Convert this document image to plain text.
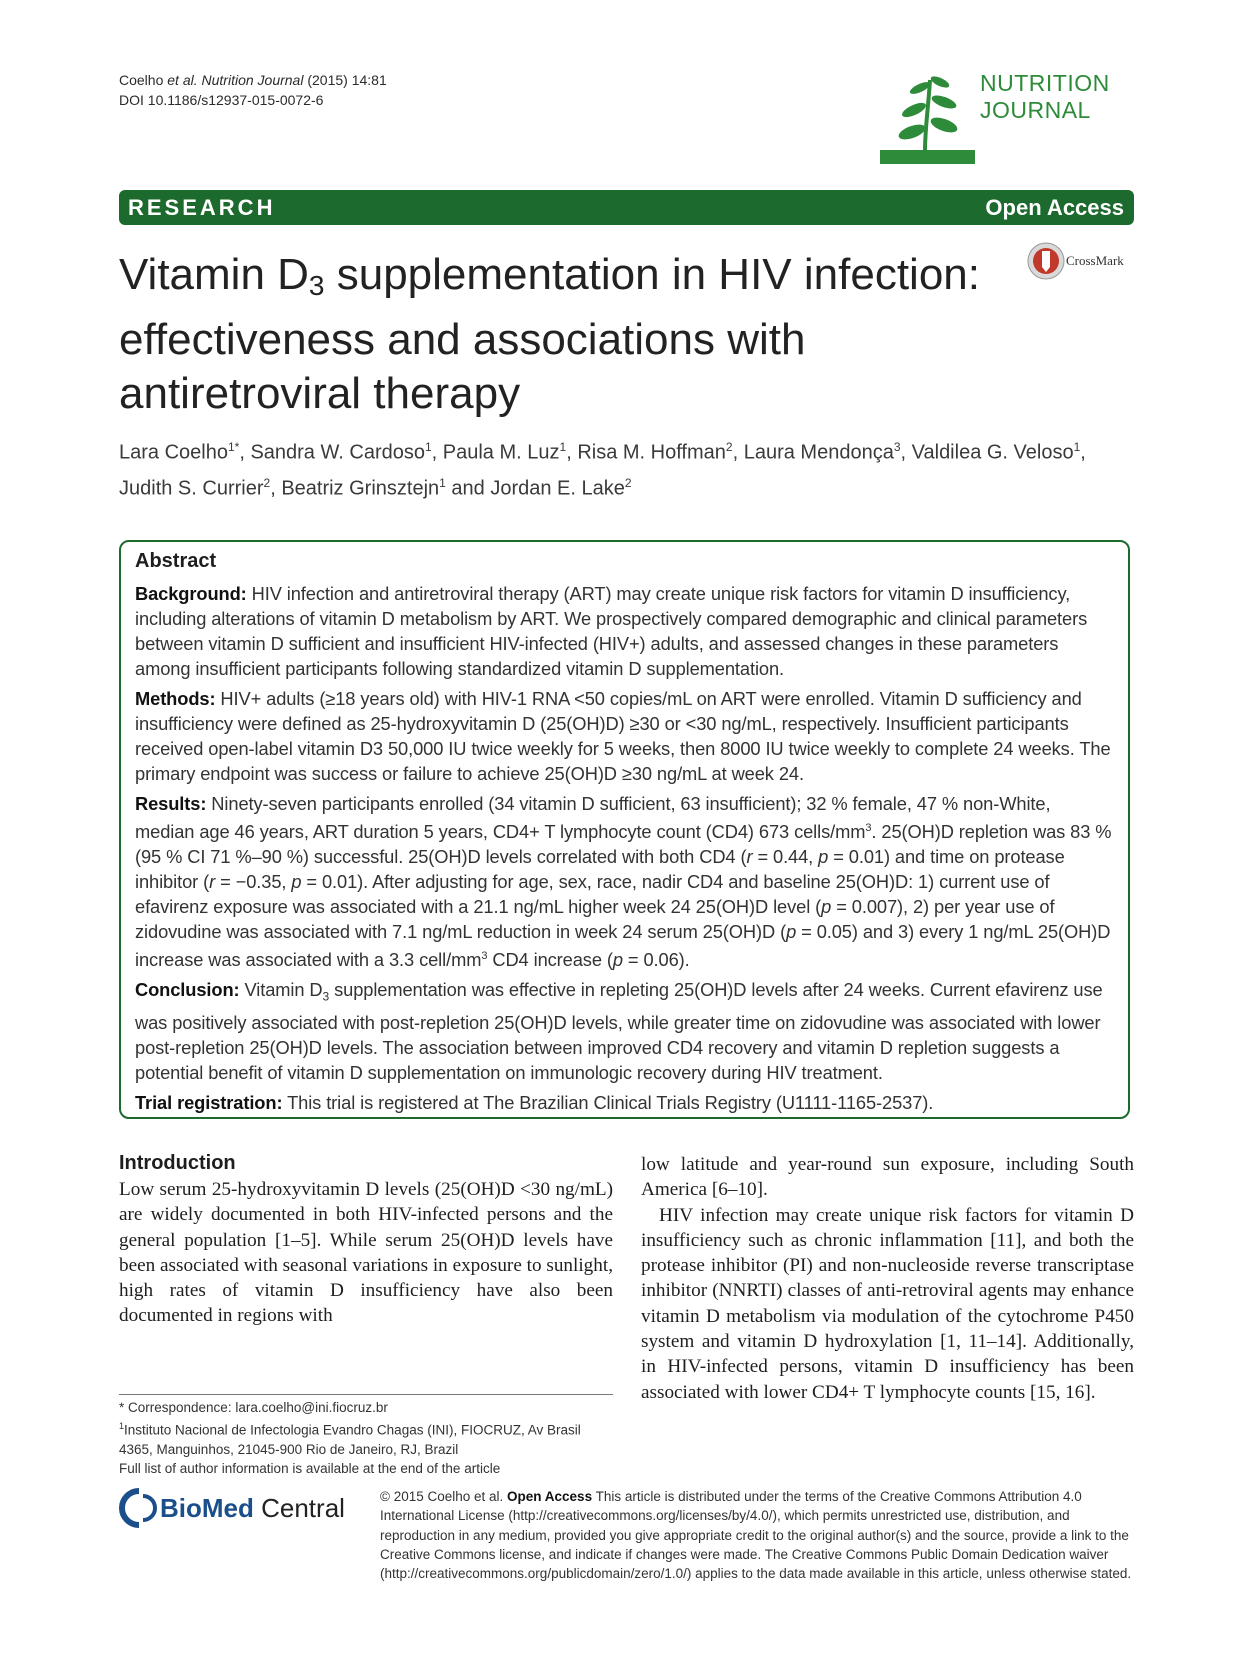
Coelho et al. Nutrition Journal (2015) 14:81
DOI 10.1186/s12937-015-0072-6
NUTRITION
JOURNAL
RESEARCH	Open Access
CrossMark
Vitamin $D_3$ supplementation in HIV infection: effectiveness and associations with antiretroviral therapy
Lara Coelho$^{1*}$, Sandra W. Cardoso$^1$, Paula M. Luz$^1$, Risa M. Hoffman$^2$, Laura Mendonça$^3$, Valdilea G. Veloso$^1$, Judith S. Currier$^2$, Beatriz Grinsztejn$^1$ and Jordan E. Lake$^2$
Abstract
Background: HIV infection and antiretroviral therapy (ART) may create unique risk factors for vitamin D insufficiency, including alterations of vitamin D metabolism by ART. We prospectively compared demographic and clinical parameters between vitamin D sufficient and insufficient HIV-infected (HIV+) adults, and assessed changes in these parameters among insufficient participants following standardized vitamin D supplementation.
Methods: HIV+ adults (≥18 years old) with HIV-1 RNA <50 copies/mL on ART were enrolled. Vitamin D sufficiency and insufficiency were defined as 25-hydroxyvitamin D (25(OH)D) ≥30 or <30 ng/mL, respectively. Insufficient participants received open-label vitamin D3 50,000 IU twice weekly for 5 weeks, then 8000 IU twice weekly to complete 24 weeks. The primary endpoint was success or failure to achieve 25(OH)D ≥30 ng/mL at week 24.
Results: Ninety-seven participants enrolled (34 vitamin D sufficient, 63 insufficient); 32 % female, 47 % non-White, median age 46 years, ART duration 5 years, CD4+ T lymphocyte count (CD4) 673 cells/$mm^3$. 25(OH)D repletion was 83 % (95 % CI 71 %–90 %) successful. 25(OH)D levels correlated with both CD4 (r = 0.44, p = 0.01) and time on protease inhibitor (r = −0.35, p = 0.01). After adjusting for age, sex, race, nadir CD4 and baseline 25(OH)D: 1) current use of efavirenz exposure was associated with a 21.1 ng/mL higher week 24 25(OH)D level (p = 0.007), 2) per year use of zidovudine was associated with 7.1 ng/mL reduction in week 24 serum 25(OH)D (p = 0.05) and 3) every 1 ng/mL 25(OH)D increase was associated with a 3.3 cell/$mm^3$ CD4 increase (p = 0.06).
Conclusion: Vitamin $D_3$ supplementation was effective in repleting 25(OH)D levels after 24 weeks. Current efavirenz use was positively associated with post-repletion 25(OH)D levels, while greater time on zidovudine was associated with lower post-repletion 25(OH)D levels. The association between improved CD4 recovery and vitamin D repletion suggests a potential benefit of vitamin D supplementation on immunologic recovery during HIV treatment.
Trial registration: This trial is registered at The Brazilian Clinical Trials Registry (U1111-1165-2537).
Introduction

Low serum 25-hydroxyvitamin D levels (25(OH)D <30 ng/mL) are widely documented in both HIV-infected persons and the general population [1–5]. While serum 25(OH)D levels have been associated with seasonal variations in exposure to sunlight, high rates of vitamin D insufficiency have also been documented in regions with

low latitude and year-round sun exposure, including South America [6–10].

HIV infection may create unique risk factors for vitamin D insufficiency such as chronic inflammation [11], and both the protease inhibitor (PI) and non-nucleoside reverse transcriptase inhibitor (NNRTI) classes of anti-retroviral agents may enhance vitamin D metabolism via modulation of the cytochrome P450 system and vitamin D hydroxylation [1, 11–14]. Additionally, in HIV-infected persons, vitamin D insufficiency has been associated with lower CD4+ T lymphocyte counts [15, 16].

* Correspondence: lara.coelho@ini.fiocruz.br
$^1$Instituto Nacional de Infectologia Evandro Chagas (INI), FIOCRUZ, Av Brasil 4365, Manguinhos, 21045-900 Rio de Janeiro, RJ, Brazil
Full list of author information is available at the end of the article
BioMed Central	© 2015 Coelho et al. Open Access This article is distributed under the terms of the Creative Commons Attribution 4.0 International License (http://creativecommons.org/licenses/by/4.0/), which permits unrestricted use, distribution, and reproduction in any medium, provided you give appropriate credit to the original author(s) and the source, provide a link to the Creative Commons license, and indicate if changes were made. The Creative Commons Public Domain Dedication waiver (http://creativecommons.org/publicdomain/zero/1.0/) applies to the data made available in this article, unless otherwise stated.
